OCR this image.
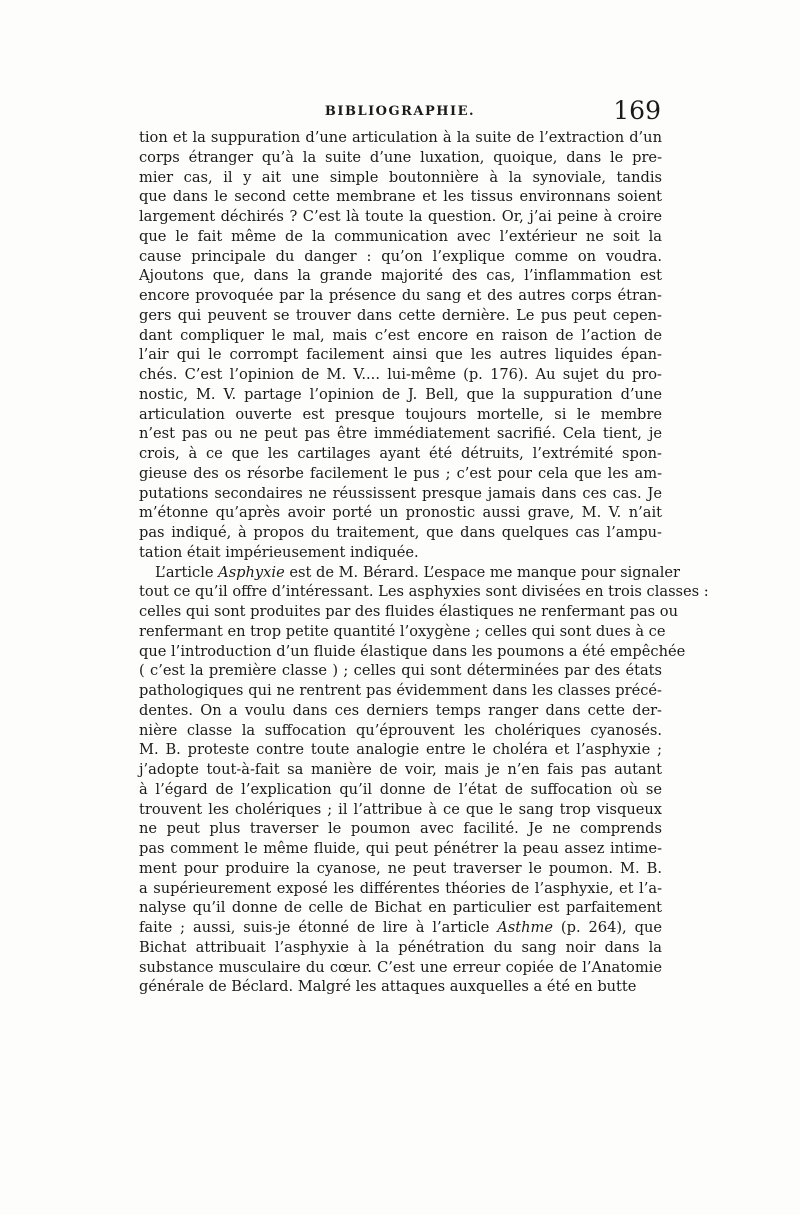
BIBLIOGRAPHIE.	169
tion et la suppuration d’une articulation à la suite de l’extraction d’un
corps étranger qu’à la suite d’une luxation, quoique, dans le pre-
mier cas, il y ait une simple boutonnière à la synoviale, tandis
que dans le second cette membrane et les tissus environnans soient
largement déchirés ? C’est là toute la question. Or, j’ai peine à croire
que le fait même de la communication avec l’extérieur ne soit la
cause principale du danger : qu’on l’explique comme on voudra.
Ajoutons que, dans la grande majorité des cas, l’inflammation est
encore provoquée par la présence du sang et des autres corps étran-
gers qui peuvent se trouver dans cette dernière. Le pus peut cepen-
dant compliquer le mal, mais c’est encore en raison de l’action de
l’air qui le corrompt facilement ainsi que les autres liquides épan-
chés. C’est l’opinion de M. V.... lui-même (p. 176). Au sujet du pro-
nostic, M. V. partage l’opinion de J. Bell, que la suppuration d’une
articulation ouverte est presque toujours mortelle, si le membre
n’est pas ou ne peut pas être immédiatement sacrifié. Cela tient, je
crois, à ce que les cartilages ayant été détruits, l’extrémité spon-
gieuse des os résorbe facilement le pus ; c’est pour cela que les am-
putations secondaires ne réussissent presque jamais dans ces cas. Je
m’étonne qu’après avoir porté un pronostic aussi grave, M. V. n’ait
pas indiqué, à propos du traitement, que dans quelques cas l’ampu-
tation était impérieusement indiquée.
L’article Asphyxie est de M. Bérard. L’espace me manque pour signaler
tout ce qu’il offre d’intéressant. Les asphyxies sont divisées en trois classes :
celles qui sont produites par des fluides élastiques ne renfermant pas ou
renfermant en trop petite quantité l’oxygène ; celles qui sont dues à ce
que l’introduction d’un fluide élastique dans les poumons a été empêchée
( c’est la première classe ) ; celles qui sont déterminées par des états
pathologiques qui ne rentrent pas évidemment dans les classes précé-
dentes. On a voulu dans ces derniers temps ranger dans cette der-
nière classe la suffocation qu’éprouvent les cholériques cyanosés.
M. B. proteste contre toute analogie entre le choléra et l’asphyxie ;
j’adopte tout-à-fait sa manière de voir, mais je n’en fais pas autant
à l’égard de l’explication qu’il donne de l’état de suffocation où se
trouvent les cholériques ; il l’attribue à ce que le sang trop visqueux
ne peut plus traverser le poumon avec facilité. Je ne comprends
pas comment le même fluide, qui peut pénétrer la peau assez intime-
ment pour produire la cyanose, ne peut traverser le poumon. M. B.
a supérieurement exposé les différentes théories de l’asphyxie, et l’a-
nalyse qu’il donne de celle de Bichat en particulier est parfaitement
faite ; aussi, suis-je étonné de lire à l’article Asthme (p. 264), que
Bichat attribuait l’asphyxie à la pénétration du sang noir dans la
substance musculaire du cœur. C’est une erreur copiée de l’Anatomie
générale de Béclard. Malgré les attaques auxquelles a été en butte
